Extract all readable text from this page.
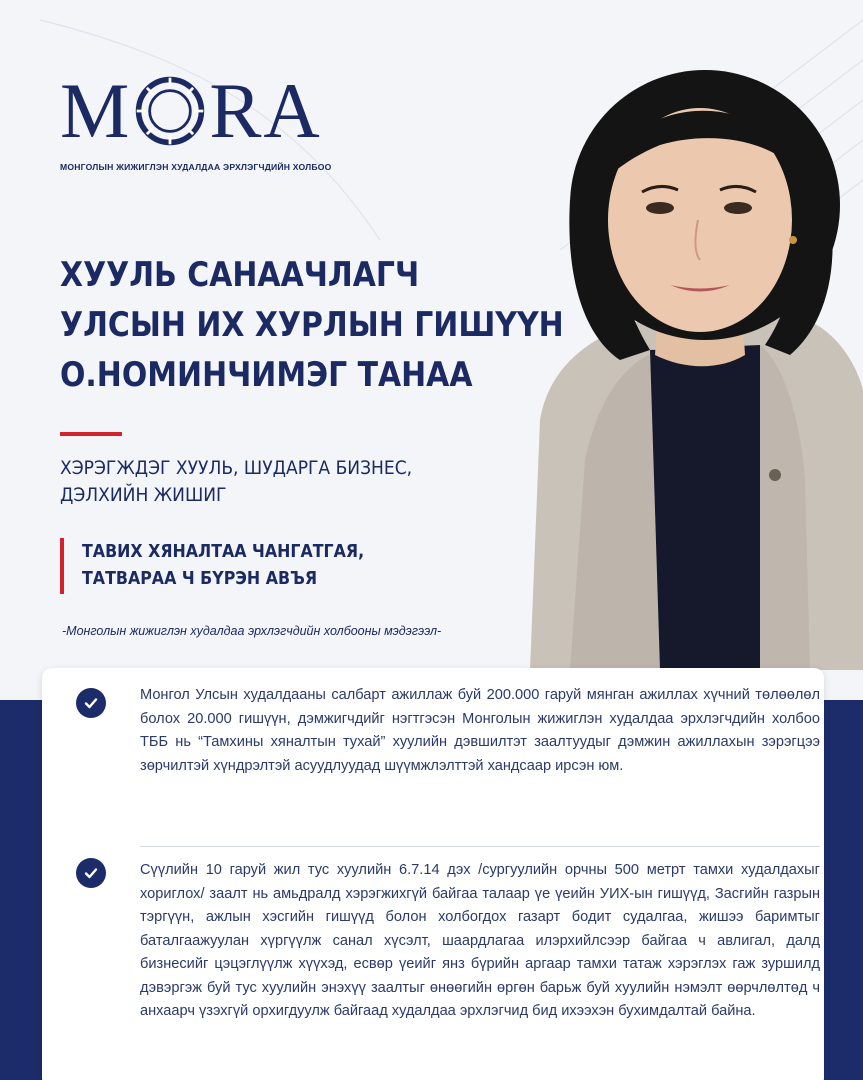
M RA
МОНГОЛЫН ЖИЖИГЛЭН ХУДАЛДАА ЭРХЛЭГЧДИЙН ХОЛБОО
ХУУЛЬ САНААЧЛАГЧ
УЛСЫН ИХ ХУРЛЫН ГИШҮҮН
О.НОМИНЧИМЭГ ТАНАА
ХЭРЭГЖДЭГ ХУУЛЬ, ШУДАРГА БИЗНЕС,
ДЭЛХИЙН ЖИШИГ
ТАВИХ ХЯНАЛТАА ЧАНГАТГАЯ,
ТАТВАРАА Ч БҮРЭН АВЪЯ
-Монголын жижиглэн худалдаа эрхлэгчдийн холбооны мэдэгээл-

Монгол Улсын худалдааны салбарт ажиллаж буй 200.000 гаруй мянган ажиллах хүчний төлөөлөл болох 20.000 гишүүн, дэмжигчдийг нэгтгэсэн Монголын жижиглэн худалдаа эрхлэгчдийн холбоо ТББ нь “Тамхины хяналтын тухай” хуулийн дэвшилтэт заалтуудыг дэмжин ажиллахын зэрэгцээ зөрчилтэй хүндрэлтэй асуудлуудад шүүмжлэлттэй хандсаар ирсэн юм.

Сүүлийн 10 гаруй жил тус хуулийн 6.7.14 дэх /сургуулийн орчны 500 метрт тамхи худалдахыг хориглох/ заалт нь амьдралд хэрэгжихгүй байгаа талаар үе үеийн УИХ-ын гишүүд, Засгийн газрын тэргүүн, ажлын хэсгийн гишүүд болон холбогдох газарт бодит судалгаа, жишээ баримтыг баталгаажуулан хүргүүлж санал хүсэлт, шаардлагаа илэрхийлсээр байгаа ч авлигал, далд бизнесийг цэцэглүүлж хүүхэд, есвөр үеийг янз бүрийн аргаар тамхи татаж хэрэглэх гаж зуршилд дэвэргэж буй тус хуулийн энэхүү заалтыг өнөөгийн өргөн барьж буй хуулийн нэмэлт өөрчлөлтөд ч анхаарч үзэхгүй орхигдуулж байгаад худалдаа эрхлэгчид бид ихээхэн бухимдалтай байна.
